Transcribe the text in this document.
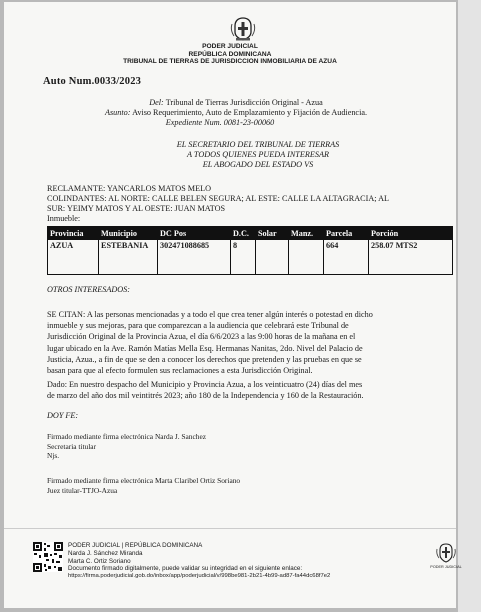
PODER JUDICIAL
REPÚBLICA DOMINICANA
TRIBUNAL DE TIERRAS DE JURISDICCION INMOBILIARIA DE AZUA
Auto Num.0033/2023
Del: Tribunal de Tierras Jurisdicción Original - Azua
Asunto: Aviso Requerimiento, Auto de Emplazamiento y Fijación de Audiencia.
Expediente Num. 0081-23-00060
EL SECRETARIO DEL TRIBUNAL DE TIERRAS
A TODOS QUIENES PUEDA INTERESAR
EL ABOGADO DEL ESTADO VS
RECLAMANTE: YANCARLOS MATOS MELO
COLINDANTES: AL NORTE: CALLE BELEN SEGURA; AL ESTE: CALLE LA ALTAGRACIA; AL
SUR: YEIMY MATOS Y AL OESTE: JUAN MATOS
Inmueble:
Provincia	Municipio	DC Pos	D.C.	Solar	Manz.	Parcela	Porción
AZUA	ESTEBANIA	302471088685	8			664	258.07 MTS2
OTROS INTERESADOS:
SE CITAN: A las personas mencionadas y a todo el que crea tener algún interés o potestad en dicho
inmueble y sus mejoras, para que comparezcan a la audiencia que celebrará este Tribunal de
Jurisdicción Original de la Provincia Azua, el día 6/6/2023 a las 9:00 horas de la mañana en el
lugar ubicado en la Ave. Ramón Matías Mella Esq. Hermanas Nanitas, 2do. Nivel del Palacio de
Justicia, Azua., a fin de que se den a conocer los derechos que pretenden y las pruebas en que se
basan para que al efecto formulen sus reclamaciones a esta Jurisdicción Original.
Dado: En nuestro despacho del Municipio y Provincia Azua, a los veinticuatro (24) días del mes
de marzo del año dos mil veintitrés 2023; año 180 de la Independencia y 160 de la Restauración.
DOY FE:
Firmado mediante firma electrónica Narda J. Sanchez
Secretaria titular
Njs.
Firmado mediante firma electrónica Marta Claribel Ortiz Soriano
Juez titular-TTJO-Azua
PODER JUDICIAL | REPÚBLICA DOMINICANA
Narda J. Sánchez Miranda
Marta C. Ortiz Soriano
Documento firmado digitalmente, puede validar su integridad en el siguiente enlace:
https://firma.poderjudicial.gob.do/inbox/app/poderjudicial/v/998be981-2b21-4b99-ad87-fa44dc68f7e2
PODER JUDICIAL
